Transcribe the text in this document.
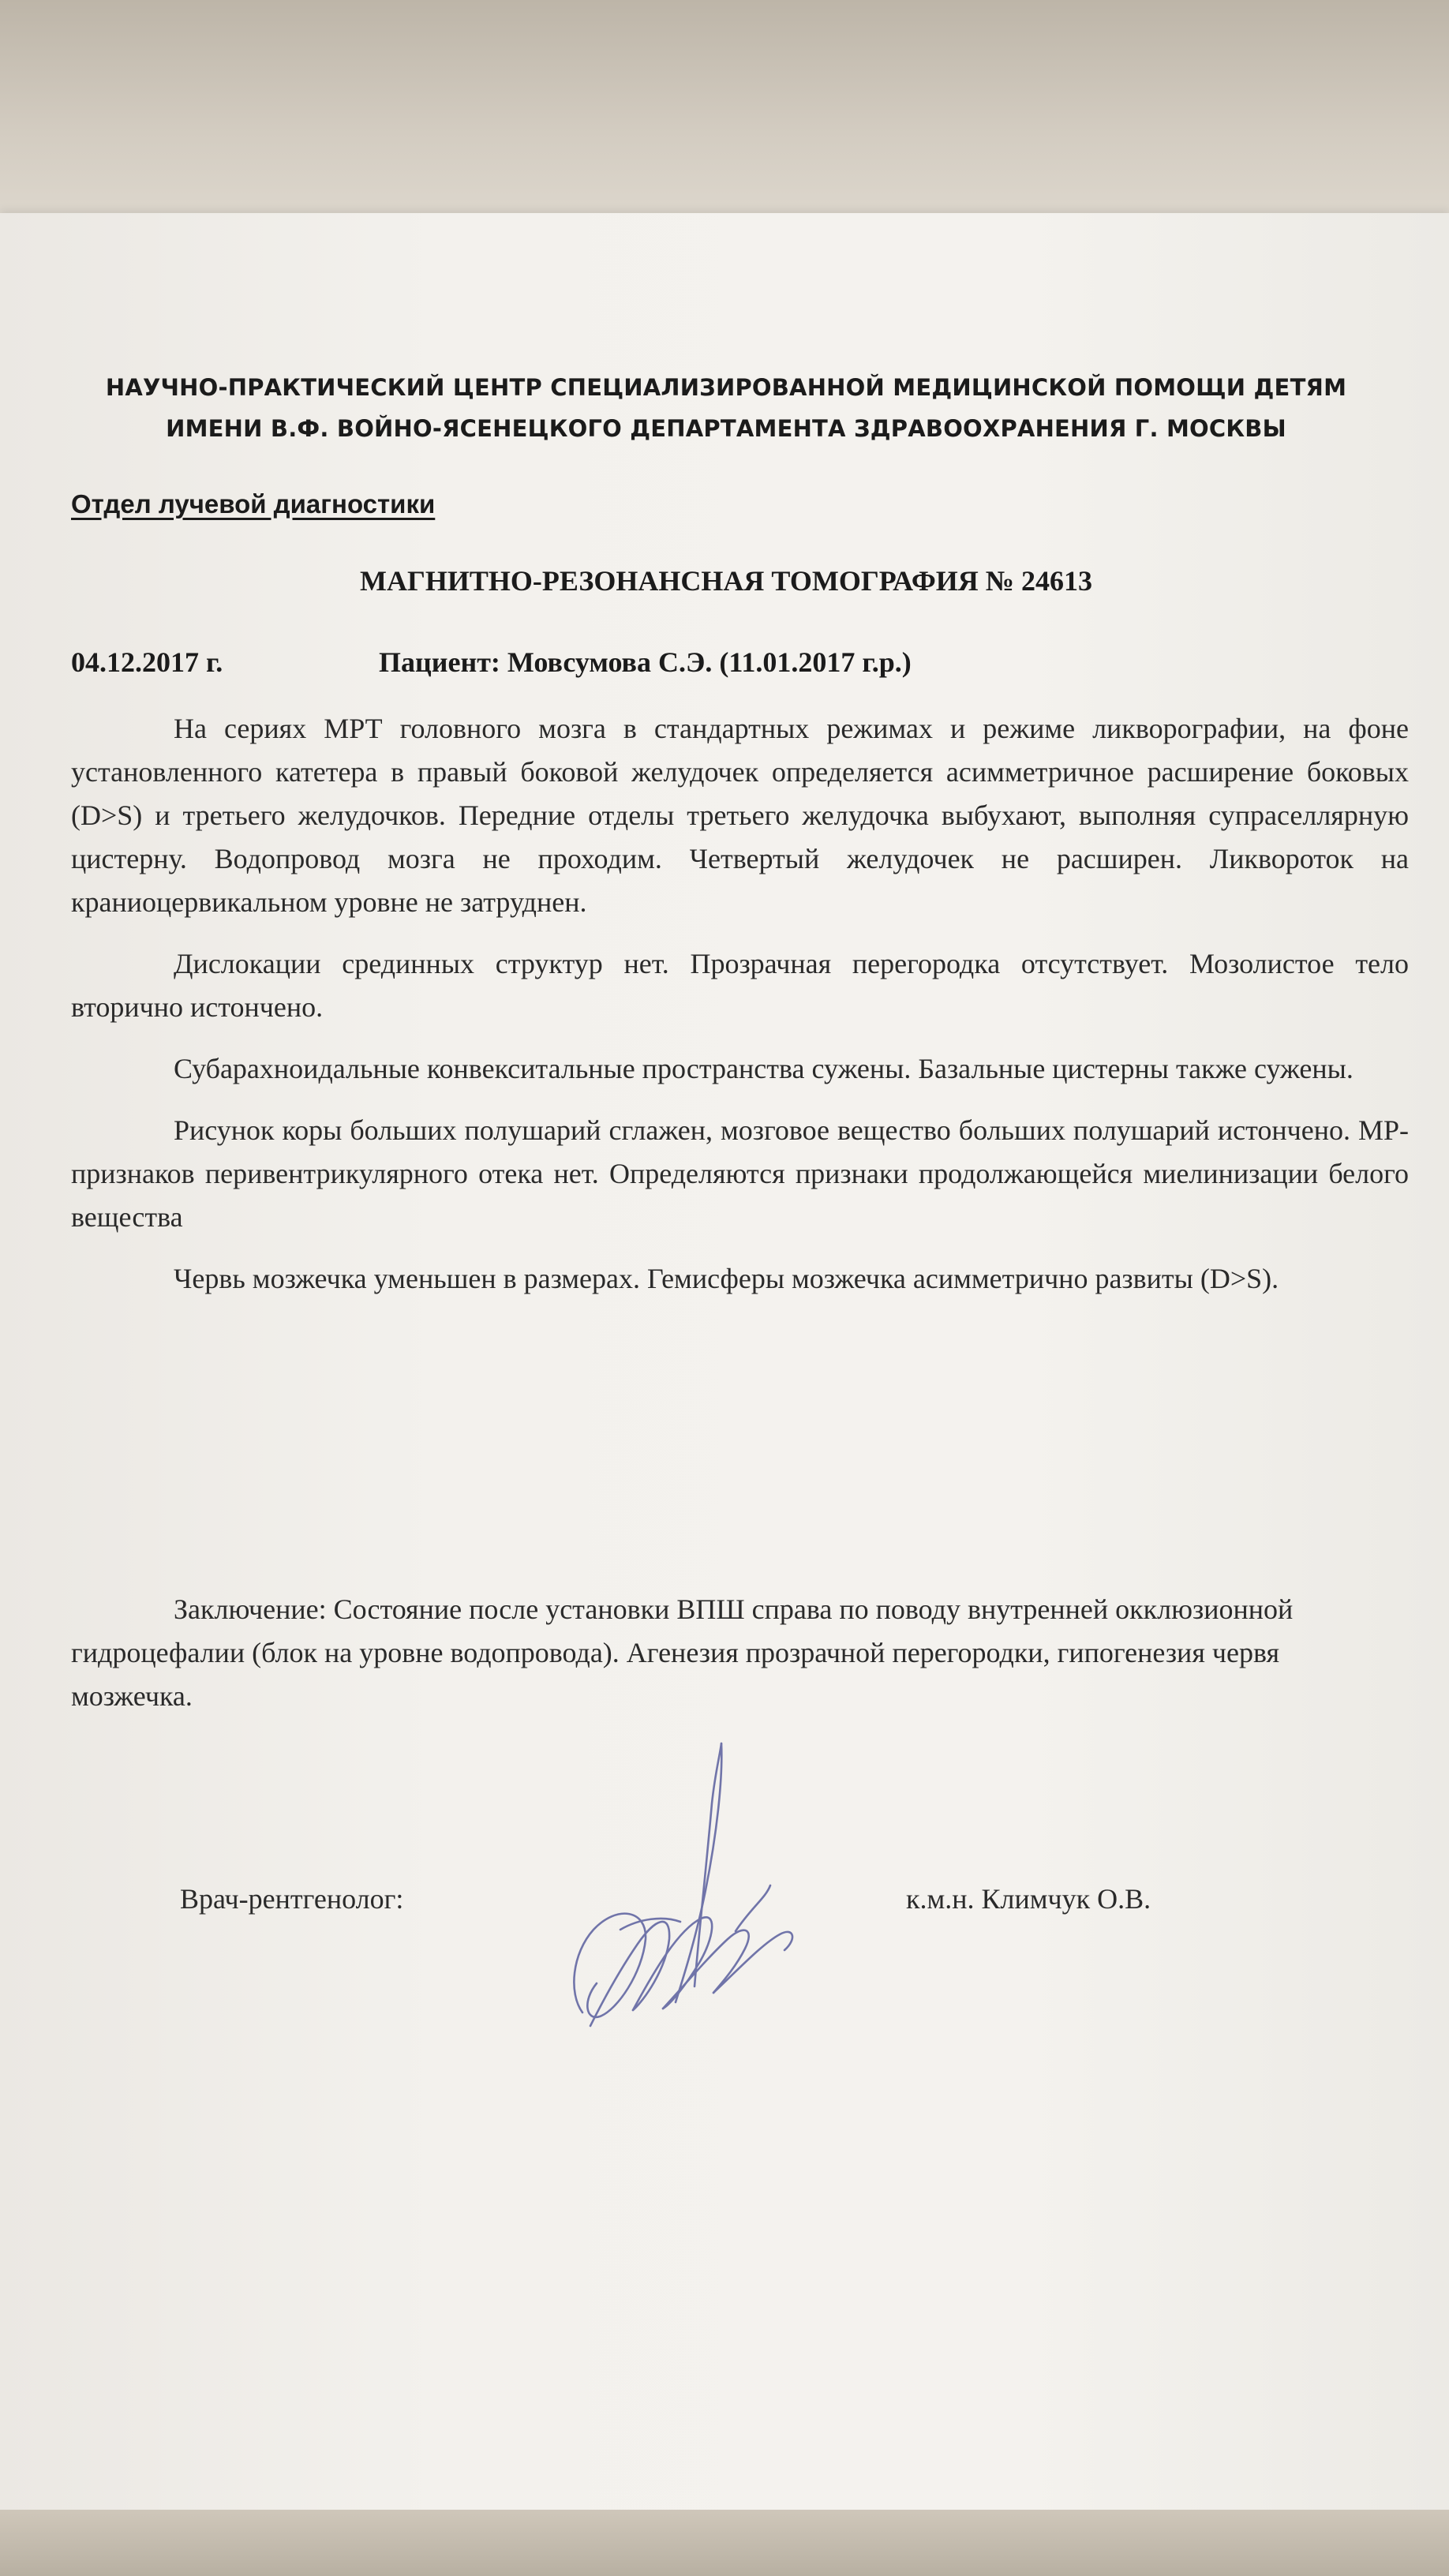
НАУЧНО-ПРАКТИЧЕСКИЙ ЦЕНТР СПЕЦИАЛИЗИРОВАННОЙ МЕДИЦИНСКОЙ ПОМОЩИ ДЕТЯМ
ИМЕНИ В.Ф. ВОЙНО-ЯСЕНЕЦКОГО ДЕПАРТАМЕНТА ЗДРАВООХРАНЕНИЯ Г. МОСКВЫ
Отдел лучевой диагностики
МАГНИТНО-РЕЗОНАНСНАЯ ТОМОГРАФИЯ № 24613
04.12.2017 г.	Пациент: Мовсумова С.Э. (11.01.2017 г.р.)

На сериях МРТ головного мозга в стандартных режимах и режиме ликворографии, на фоне установленного катетера в правый боковой желудочек определяется асимметричное расширение боковых (D>S) и третьего желудочков. Передние отделы третьего желудочка выбухают, выполняя супраселлярную цистерну. Водопровод мозга не проходим. Четвертый желудочек не расширен. Ликвороток на краниоцервикальном уровне не затруднен.

Дислокации срединных структур нет. Прозрачная перегородка отсутствует. Мозолистое тело вторично истончено.

Субарахноидальные конвекситальные пространства сужены. Базальные цистерны также сужены.

Рисунок коры больших полушарий сглажен, мозговое вещество больших полушарий истончено. МР-признаков перивентрикулярного отека нет. Определяются признаки продолжающейся миелинизации белого вещества

Червь мозжечка уменьшен в размерах. Гемисферы мозжечка асимметрично развиты (D>S).

Заключение: Состояние после установки ВПШ справа по поводу внутренней окклюзионной гидроцефалии (блок на уровне водопровода). Агенезия прозрачной перегородки, гипогенезия червя мозжечка.

Врач-рентгенолог:	к.м.н. Климчук О.В.
